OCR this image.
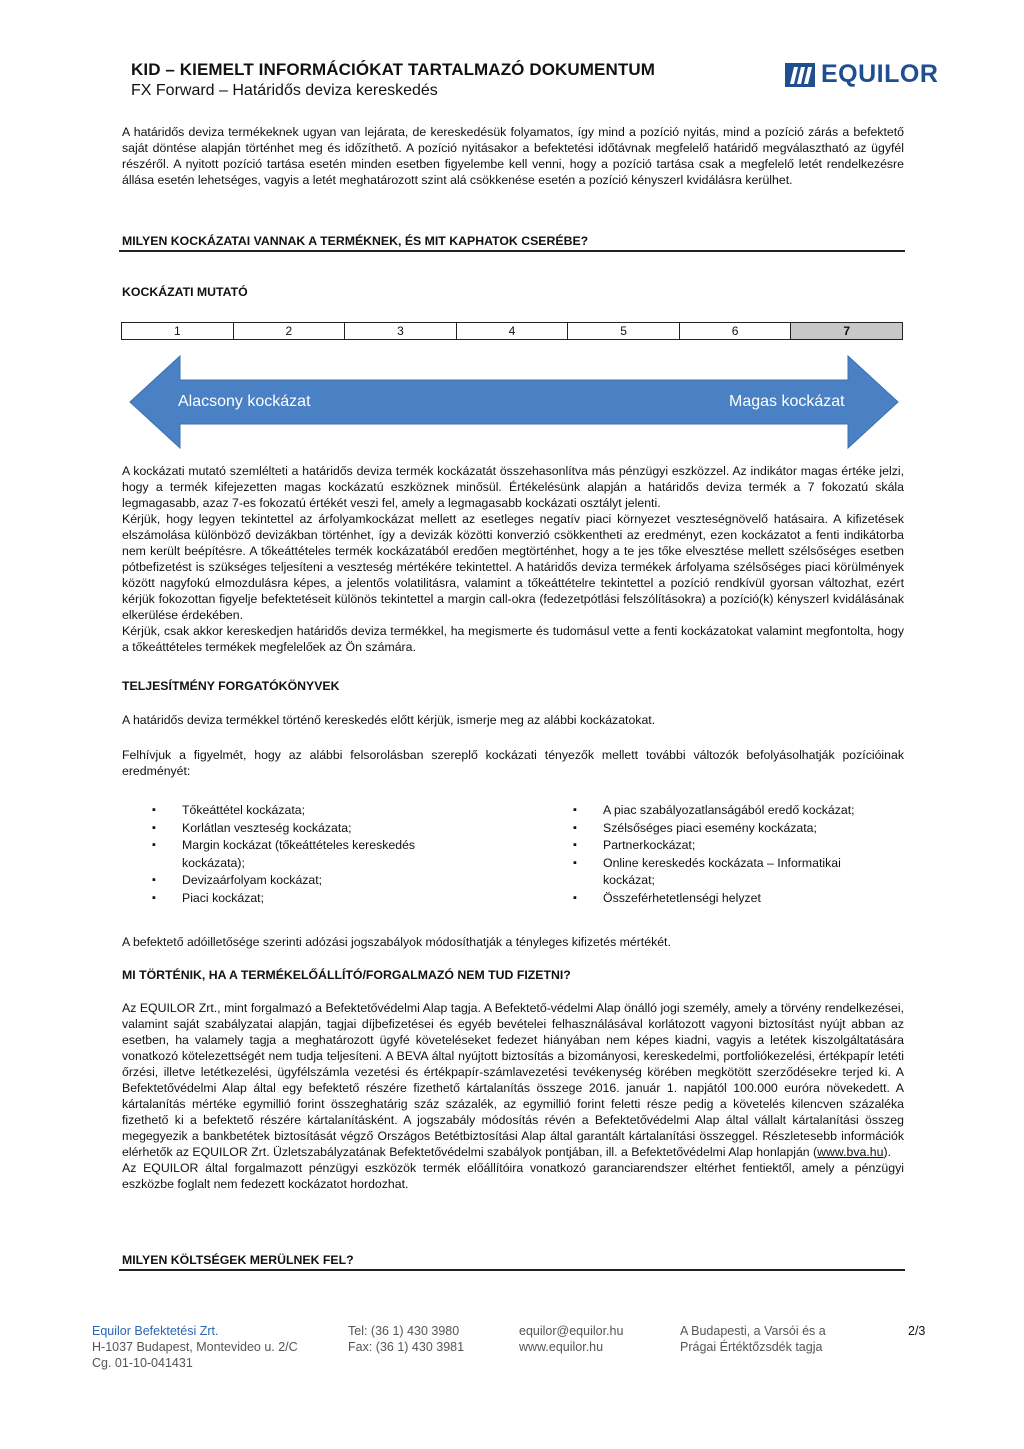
KID – KIEMELT INFORMÁCIÓKAT TARTALMAZÓ DOKUMENTUM
FX Forward – Határidős deviza kereskedés
EQUILOR
A határidős deviza termékeknek ugyan van lejárata, de kereskedésük folyamatos, így mind a pozíció nyitás, mind a pozíció zárás a befektető saját döntése alapján történhet meg és időzíthető. A pozíció nyitásakor a befektetési időtávnak megfelelő határidő megválasztható az ügyfél részéről. A nyitott pozíció tartása esetén minden esetben figyelembe kell venni, hogy a pozíció tartása csak a megfelelő letét rendelkezésre állása esetén lehetséges, vagyis a letét meghatározott szint alá csökkenése esetén a pozíció kényszerl kvidálásra kerülhet.
MILYEN KOCKÁZATAI VANNAK A TERMÉKNEK, ÉS MIT KAPHATOK CSERÉBE?
KOCKÁZATI MUTATÓ
1	2	3	4	5	6	7
Alacsony kockázat	Magas kockázat

A kockázati mutató szemlélteti a határidős deviza termék kockázatát összehasonlítva más pénzügyi eszközzel. Az indikátor magas értéke jelzi, hogy a termék kifejezetten magas kockázatú eszköznek minősül. Értékelésünk alapján a határidős deviza termék a 7 fokozatú skála legmagasabb, azaz 7-es fokozatú értékét veszi fel, amely a legmagasabb kockázati osztályt jelenti.

Kérjük, hogy legyen tekintettel az árfolyamkockázat mellett az esetleges negatív piaci környezet veszteségnövelő hatásaira. A kifizetések elszámolása különböző devizákban történhet, így a devizák közötti konverzió csökkentheti az eredményt, ezen kockázatot a fenti indikátorba nem került beépítésre. A tőkeáttételes termék kockázatából eredően megtörténhet, hogy a te jes tőke elvesztése mellett szélsőséges esetben pótbefizetést is szükséges teljesíteni a veszteség mértékére tekintettel. A határidős deviza termékek árfolyama szélsőséges piaci körülmények között nagyfokú elmozdulásra képes, a jelentős volatilitásra, valamint a tőkeáttételre tekintettel a pozíció rendkívül gyorsan változhat, ezért kérjük fokozottan figyelje befektetéseit különös tekintettel a margin call-okra (fedezetpótlási felszólításokra) a pozíció(k) kényszerl kvidálásának elkerülése érdekében.

Kérjük, csak akkor kereskedjen határidős deviza termékkel, ha megismerte és tudomásul vette a fenti kockázatokat valamint megfontolta, hogy a tőkeáttételes termékek megfelelőek az Ön számára.

TELJESÍTMÉNY FORGATÓKÖNYVEK
A határidős deviza termékkel történő kereskedés előtt kérjük, ismerje meg az alábbi kockázatokat.
Felhívjuk a figyelmét, hogy az alábbi felsorolásban szereplő kockázati tényezők mellett további változók befolyásolhatják pozícióinak eredményét:
▪ Tőkeáttétel kockázata;
▪ Korlátlan veszteség kockázata;
▪ Margin kockázat (tőkeáttételes kereskedés kockázata);
▪ Devizaárfolyam kockázat;
▪ Piaci kockázat;
▪ A piac szabályozatlanságából eredő kockázat;
▪ Szélsőséges piaci esemény kockázata;
▪ Partnerkockázat;
▪ Online kereskedés kockázata – Informatikai kockázat;
▪ Összeférhetetlenségi helyzet
A befektető adóilletősége szerinti adózási jogszabályok módosíthatják a tényleges kifizetés mértékét.
MI TÖRTÉNIK, HA A TERMÉKELŐÁLLÍTÓ/FORGALMAZÓ NEM TUD FIZETNI?

Az EQUILOR Zrt., mint forgalmazó a Befektetővédelmi Alap tagja. A Befektető-védelmi Alap önálló jogi személy, amely a törvény rendelkezései, valamint saját szabályzatai alapján, tagjai díjbefizetései és egyéb bevételei felhasználásával korlátozott vagyoni biztosítást nyújt abban az esetben, ha valamely tagja a meghatározott ügyfé követeléseket fedezet hiányában nem képes kiadni, vagyis a letétek kiszolgáltatására vonatkozó kötelezettségét nem tudja teljesíteni. A BEVA által nyújtott biztosítás a bizományosi, kereskedelmi, portfoliókezelési, értékpapír letéti őrzési, illetve letétkezelési, ügyfélszámla vezetési és értékpapír-számlavezetési tevékenység körében megkötött szerződésekre terjed ki. A Befektetővédelmi Alap által egy befektető részére fizethető kártalanítás összege 2016. január 1. napjától 100.000 euróra növekedett. A kártalanítás mértéke egymillió forint összeghatárig száz százalék, az egymillió forint feletti része pedig a követelés kilencven százaléka fizethető ki a befektető részére kártalanításként. A jogszabály módosítás révén a Befektetővédelmi Alap által vállalt kártalanítási összeg megegyezik a bankbetétek biztosítását végző Országos Betétbiztosítási Alap által garantált kártalanítási összeggel. Részletesebb információk elérhetők az EQUILOR Zrt. Üzletszabályzatának Befektetővédelmi szabályok pontjában, ill. a Befektetővédelmi Alap honlapján (www.bva.hu).

Az EQUILOR által forgalmazott pénzügyi eszközök termék előállítóira vonatkozó garanciarendszer eltérhet fentiektől, amely a pénzügyi eszközbe foglalt nem fedezett kockázatot hordozhat.

MILYEN KÖLTSÉGEK MERÜLNEK FEL?
Equilor Befektetési Zrt.
H-1037 Budapest, Montevideo u. 2/C
Cg. 01-10-041431
Tel: (36 1) 430 3980
Fax: (36 1) 430 3981
equilor@equilor.hu
www.equilor.hu
A Budapesti, a Varsói és a
Prágai Értéktőzsdék tagja
2/3
